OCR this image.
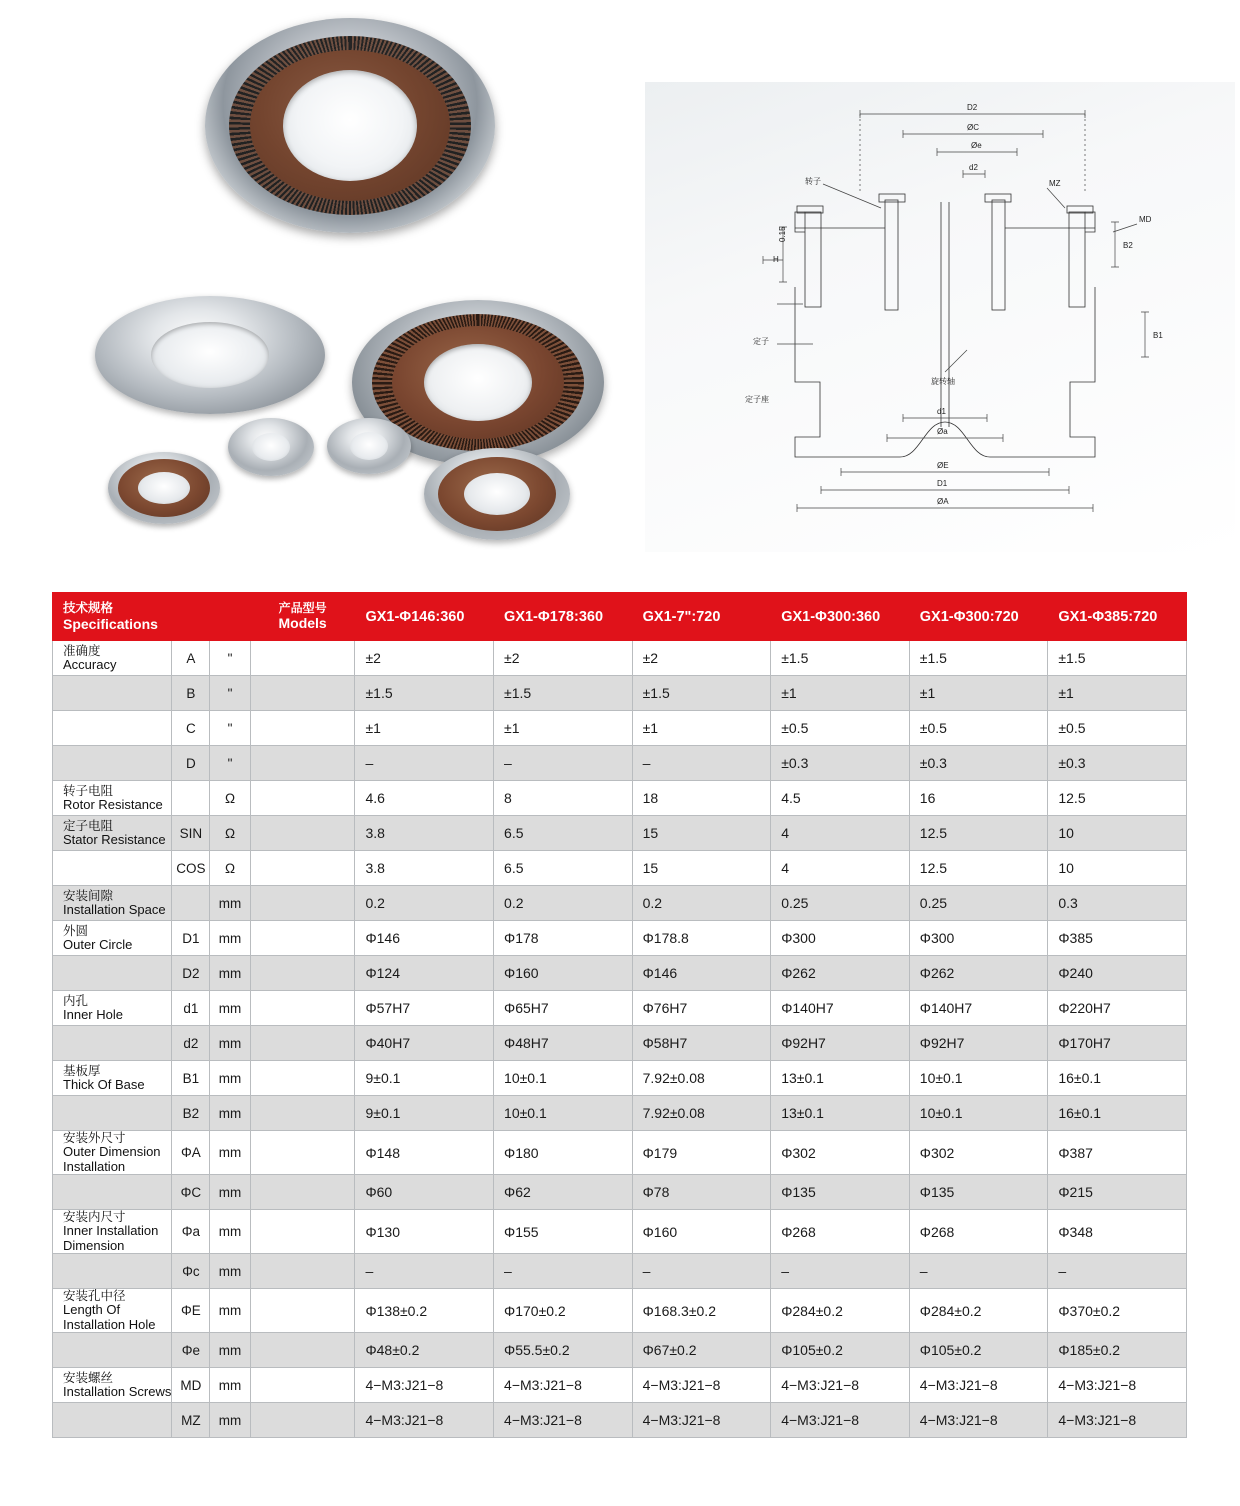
D2
ØC
Øe
d2
转子	MZ
MD
定子
定子座
旋转轴
d1
Øa
ØE
D1
ØA
H
B2
B1
0.15
技术规格
Specifications			产品型号
Models	GX1-Φ146:360	GX1-Φ178:360	GX1-7":720	GX1-Φ300:360	GX1-Φ300:720	GX1-Φ385:720

准确度
Accuracy	A	"		±2	±2	±2	±1.5	±1.5	±1.5

	B	"		±1.5	±1.5	±1.5	±1	±1	±1

	C	"		±1	±1	±1	±0.5	±0.5	±0.5

	D	"		–	–	–	±0.3	±0.3	±0.3

转子电阻
Rotor Resistance		Ω		4.6	8	18	4.5	16	12.5

定子电阻
Stator Resistance	SIN	Ω		3.8	6.5	15	4	12.5	10

	COS	Ω		3.8	6.5	15	4	12.5	10

安装间隙
Installation Space		mm		0.2	0.2	0.2	0.25	0.25	0.3

外圆
Outer Circle	D1	mm		Φ146	Φ178	Φ178.8	Φ300	Φ300	Φ385

	D2	mm		Φ124	Φ160	Φ146	Φ262	Φ262	Φ240

内孔
Inner Hole	d1	mm		Φ57H7	Φ65H7	Φ76H7	Φ140H7	Φ140H7	Φ220H7

	d2	mm		Φ40H7	Φ48H7	Φ58H7	Φ92H7	Φ92H7	Φ170H7

基板厚
Thick Of Base	B1	mm		9±0.1	10±0.1	7.92±0.08	13±0.1	10±0.1	16±0.1

	B2	mm		9±0.1	10±0.1	7.92±0.08	13±0.1	10±0.1	16±0.1

安装外尺寸
Outer Dimension Installation	ΦA	mm		Φ148	Φ180	Φ179	Φ302	Φ302	Φ387

	ΦC	mm		Φ60	Φ62	Φ78	Φ135	Φ135	Φ215

安装内尺寸
Inner Installation Dimension	Φa	mm		Φ130	Φ155	Φ160	Φ268	Φ268	Φ348

	Φc	mm		–	–	–	–	–	–

安装孔中径
Length Of Installation Hole	ΦE	mm		Φ138±0.2	Φ170±0.2	Φ168.3±0.2	Φ284±0.2	Φ284±0.2	Φ370±0.2

	Φe	mm		Φ48±0.2	Φ55.5±0.2	Φ67±0.2	Φ105±0.2	Φ105±0.2	Φ185±0.2

安装螺丝
Installation Screws	MD	mm		4−M3:J21−8	4−M3:J21−8	4−M3:J21−8	4−M3:J21−8	4−M3:J21−8	4−M3:J21−8

	MZ	mm		4−M3:J21−8	4−M3:J21−8	4−M3:J21−8	4−M3:J21−8	4−M3:J21−8	4−M3:J21−8
